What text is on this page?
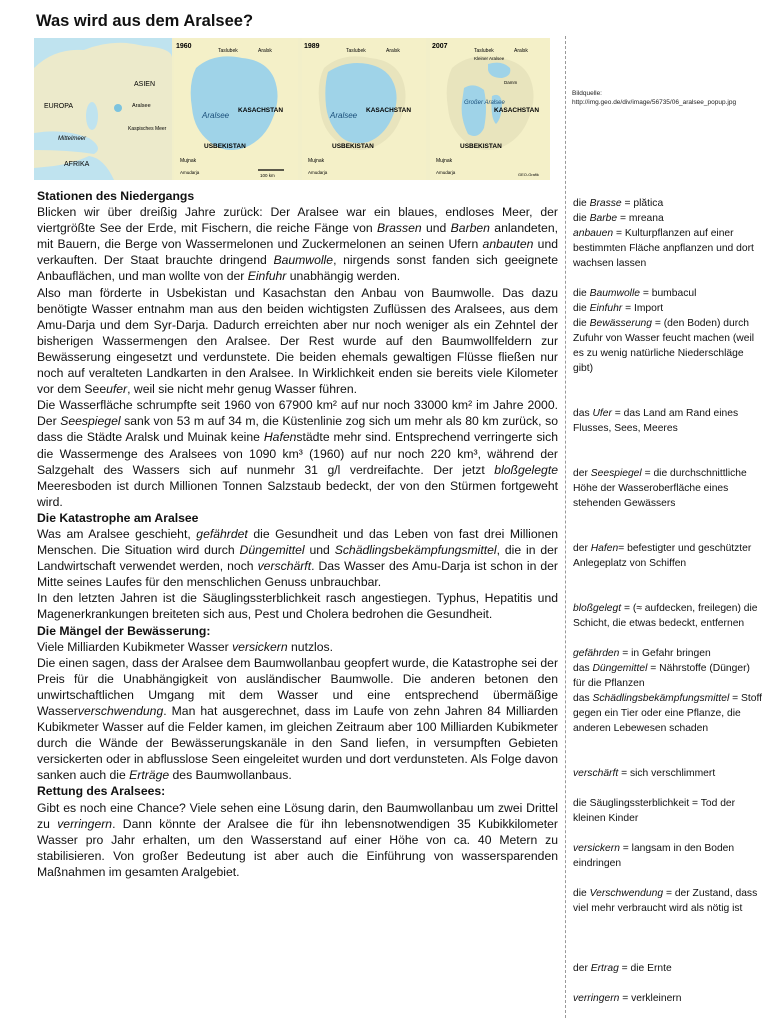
Was wird aus dem Aralsee?
ASIEN
EUROPA	Aralsee
Kaspisches Meer
Mittelmeer
AFRIKA
1960
Taslubek	Aralsk
KASACHSTAN
Aralsee
USBEKISTAN
Mujnak
Amudarja
100 km
1989
Taslubek	Aralsk
KASACHSTAN
Aralsee
USBEKISTAN
Mujnak
Amudarja
2007
Taslubek	Aralsk
Kleiner Aralsee
Damm
Großer Aralsee
KASACHSTAN
USBEKISTAN
Mujnak
Amudarja	GEO-Grafik
Bildquelle:
http://img.geo.de/div/image/56735/06_aralsee_popup.jpg
Stationen des Niedergangs

Blicken wir über dreißig Jahre zurück: Der Aralsee war ein blaues, endloses Meer, der viertgrößte See der Erde, mit Fischern, die reiche Fänge von Brassen und Barben anlandeten, mit Bauern, die Berge von Wassermelonen und Zuckermelonen an seinen Ufern anbauten und verkauften. Der Staat brauchte dringend Baumwolle, nirgends sonst fanden sich geeignete Anbauflächen, und man wollte von der Einfuhr unabhängig werden.

Also man förderte in Usbekistan und Kasachstan den Anbau von Baumwolle. Das dazu benötigte Wasser entnahm man aus den beiden wichtigsten Zuflüssen des Aralsees, aus dem Amu-Darja und dem Syr-Darja. Dadurch erreichten aber nur noch weniger als ein Zehntel der bisherigen Wassermengen den Aralsee. Der Rest wurde auf den Baumwollfeldern zur Bewässerung eingesetzt und verdunstete. Die beiden ehemals gewaltigen Flüsse fließen nur noch auf veralteten Landkarten in den Aralsee. In Wirklichkeit enden sie bereits viele Kilometer vor dem Seeufer, weil sie nicht mehr genug Wasser führen.

Die Wasserfläche schrumpfte seit 1960 von 67900 km² auf nur noch 33000 km² im Jahre 2000. Der Seespiegel sank von 53 m auf 34 m, die Küstenlinie zog sich um mehr als 80 km zurück, so dass die Städte Aralsk und Muinak keine Hafenstädte mehr sind. Entsprechend verringerte sich die Wassermenge des Aralsees von 1090 km³ (1960) auf nur noch 220 km³, während der Salzgehalt des Wassers sich auf nunmehr 31 g/l verdreifachte. Der jetzt bloßgelegte Meeresboden ist durch Millionen Tonnen Salzstaub bedeckt, der von den Stürmen fortgeweht wird.

Die Katastrophe am Aralsee

Was am Aralsee geschieht, gefährdet die Gesundheit und das Leben von fast drei Millionen Menschen. Die Situation wird durch Düngemittel und Schädlingsbekämpfungsmittel, die in der Landwirtschaft verwendet werden, noch verschärft. Das Wasser des Amu-Darja ist schon in der Mitte seines Laufes für den menschlichen Genuss unbrauchbar.

In den letzten Jahren ist die Säuglingssterblichkeit rasch angestiegen. Typhus, Hepatitis und Magenerkrankungen breiteten sich aus, Pest und Cholera bedrohen die Gesundheit.

Die Mängel der Bewässerung:

Viele Milliarden Kubikmeter Wasser versickern nutzlos.

Die einen sagen, dass der Aralsee dem Baumwollanbau geopfert wurde, die Katastrophe sei der Preis für die Unabhängigkeit von ausländischer Baumwolle. Die anderen betonen den unwirtschaftlichen Umgang mit dem Wasser und eine entsprechend übermäßige Wasserverschwendung. Man hat ausgerechnet, dass im Laufe von zehn Jahren 84 Milliarden Kubikmeter Wasser auf die Felder kamen, im gleichen Zeitraum aber 100 Milliarden Kubikmeter durch die Wände der Bewässerungskanäle in den Sand liefen, in versumpften Gebieten versickerten oder in abflusslose Seen eingeleitet wurden und dort verdunsteten. Als Folge davon sanken auch die Erträge des Baumwollanbaus.

Rettung des Aralsees:

Gibt es noch eine Chance? Viele sehen eine Lösung darin, den Baumwollanbau um zwei Drittel zu verringern. Dann könnte der Aralsee die für ihn lebensnotwendigen 35 Kubikkilometer Wasser pro Jahr erhalten, um den Wasserstand auf einer Höhe von ca. 40 Metern zu stabilisieren. Von großer Bedeutung ist aber auch die Einführung von wassersparenden Maßnahmen im gesamten Aralgebiet.

die Brasse = plătica
die Barbe = mreana
anbauen = Kulturpflanzen auf einer bestimmten Fläche anpflanzen und dort wachsen lassen
die Baumwolle = bumbacul
die Einfuhr = Import
die Bewässerung = (den Boden) durch Zufuhr von Wasser feucht machen (weil es zu wenig natürliche Niederschläge gibt)
das Ufer = das Land am Rand eines Flusses, Sees, Meeres
der Seespiegel = die durchschnittliche Höhe der Wasseroberfläche eines stehenden Gewässers
der Hafen= befestigter und geschützter Anlegeplatz von Schiffen
bloßgelegt = (≈ aufdecken, freilegen) die Schicht, die etwas bedeckt, entfernen
gefährden = in Gefahr bringen
das Düngemittel = Nährstoffe (Dünger) für die Pflanzen
das Schädlingsbekämpfungsmittel = Stoff gegen ein Tier oder eine Pflanze, die anderen Lebewesen schaden
verschärft = sich verschlimmert
die Säuglingssterblichkeit = Tod der kleinen Kinder
versickern = langsam in den Boden eindringen
die Verschwendung = der Zustand, dass viel mehr verbraucht wird als nötig ist
der Ertrag = die Ernte
verringern = verkleinern
